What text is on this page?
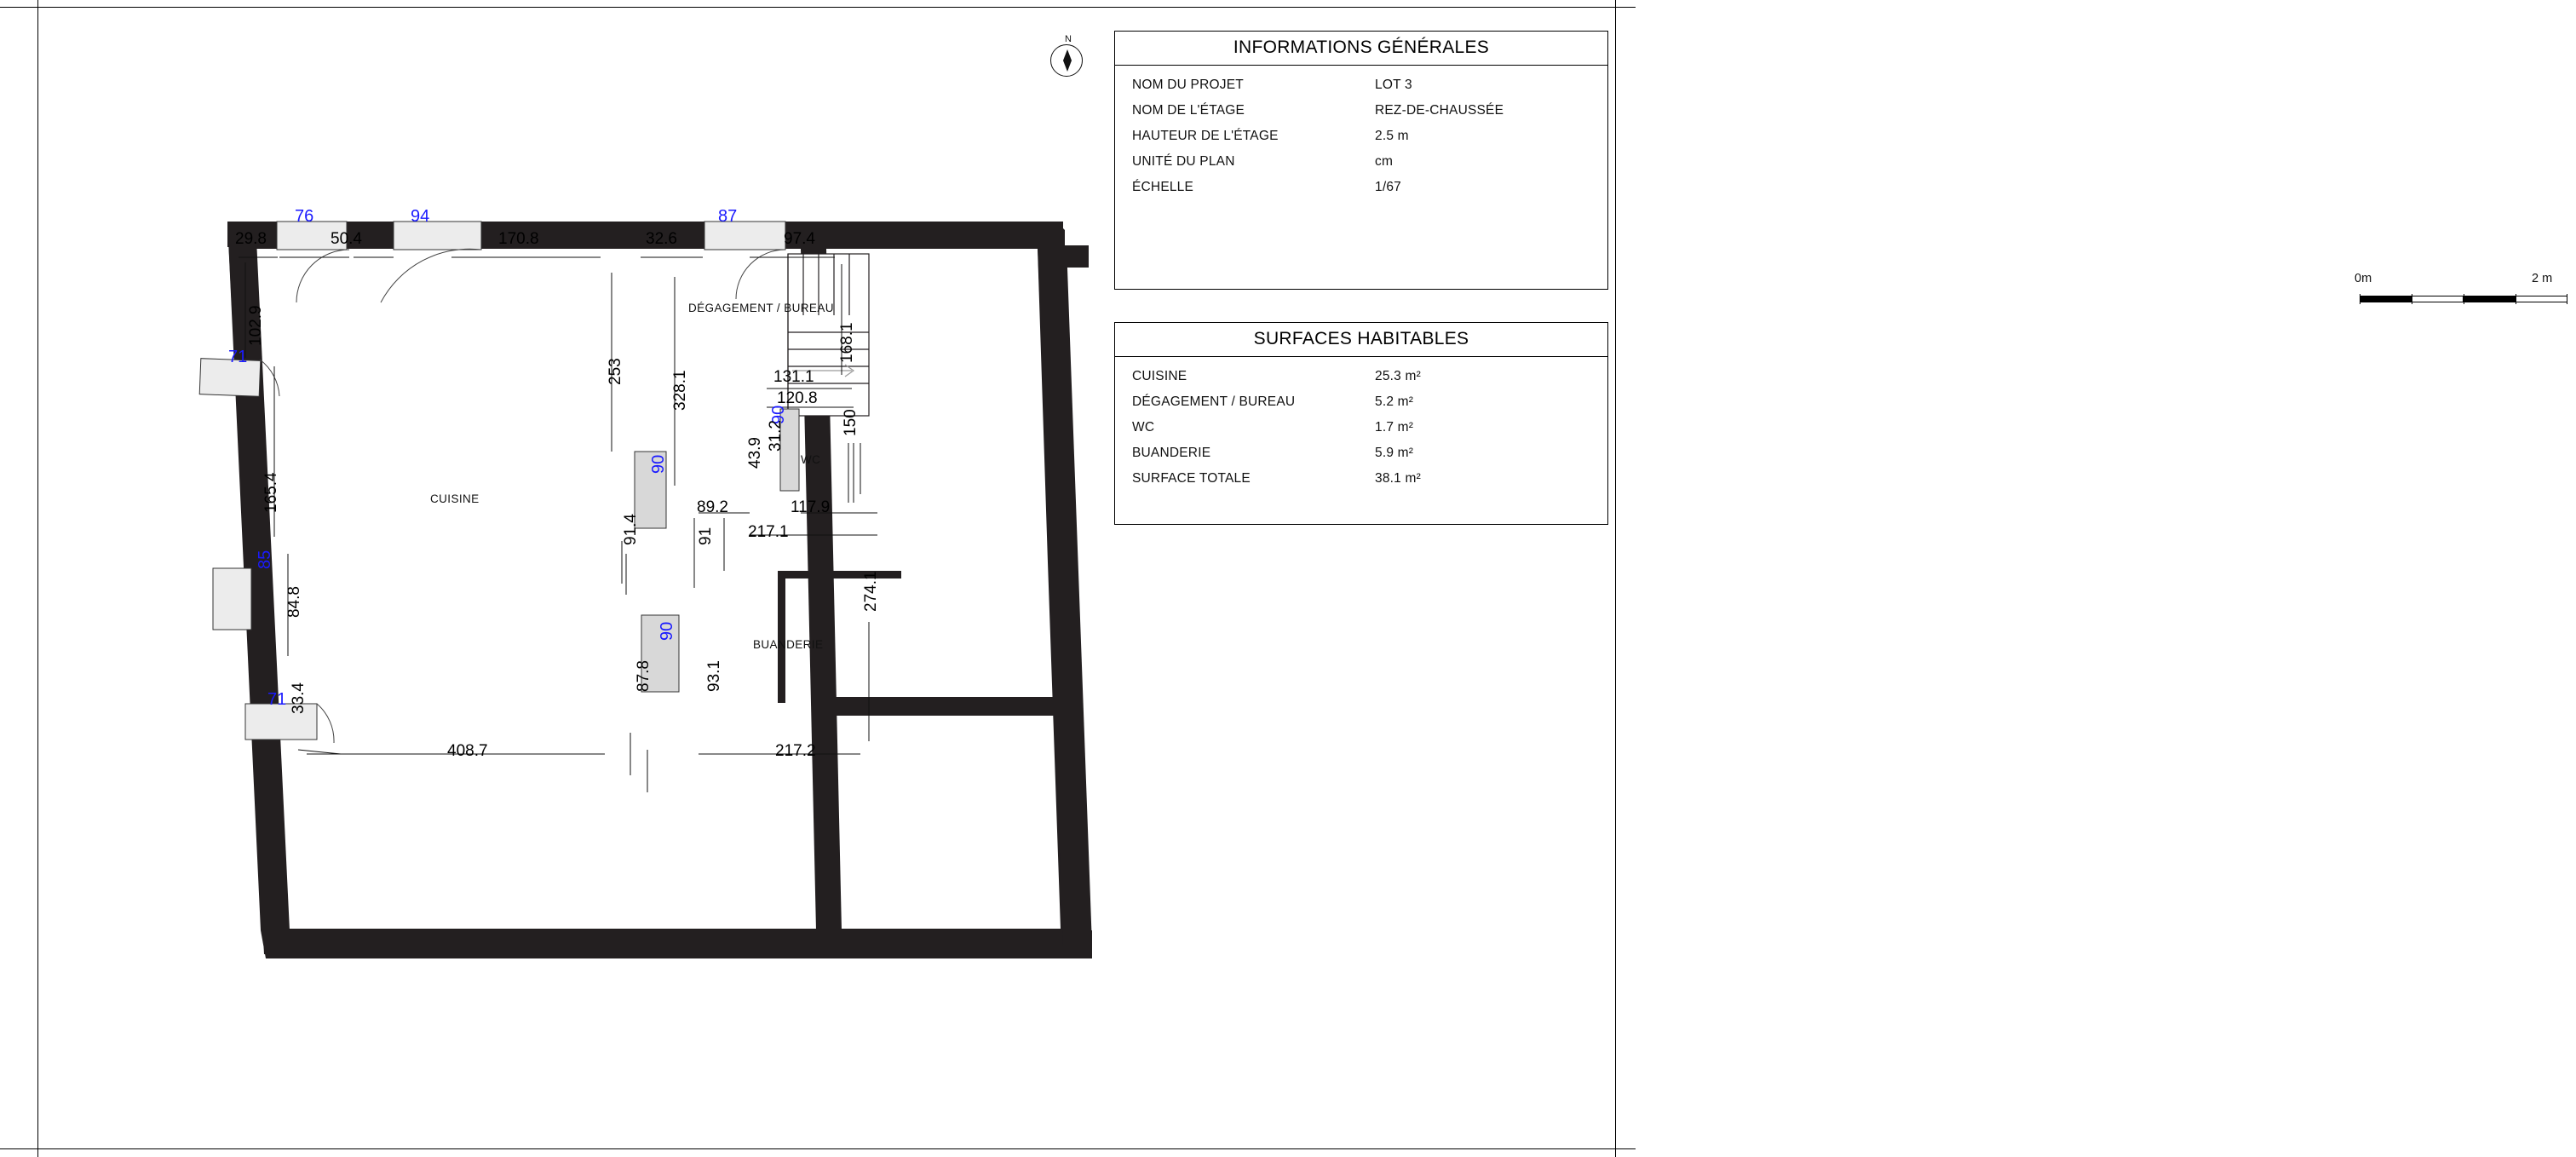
N	INFORMATIONS GÉNÉRALES
NOM DU PROJET	LOT 3
NOM DE L'ÉTAGE	REZ-DE-CHAUSSÉE
HAUTEUR DE L'ÉTAGE	2.5 m
UNITÉ DU PLAN	cm
ÉCHELLE	1/67
0m	2 m
SURFACES HABITABLES
CUISINE	25.3 m²
DÉGAGEMENT / BUREAU	5.2 m²
WC	1.7 m²
BUANDERIE	5.9 m²
SURFACE TOTALE	38.1 m²
CUISINE
DÉGAGEMENT / BUREAU
WC
BUANDERIE
76	94	87
71
85
71
90
90
90
29.8	50.4	170.8	32.6	97.4
102.9	168.1
253	328.1	131.1
120.8
165.4
150
31.2
43.9
89.2	117.9
217.1
84.8
91.4	91
274.1
33.4
408.7
87.8	93.1
217.2
